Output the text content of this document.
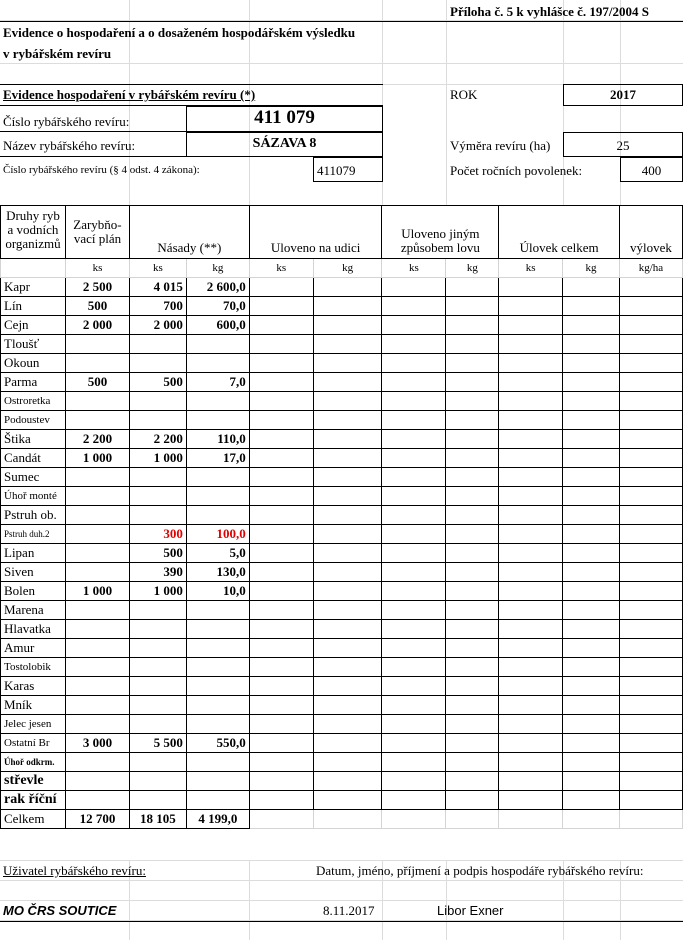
Příloha č. 5 k vyhlášce č. 197/2004 S
Evidence o hospodaření a o dosaženém hospodářském výsledku
v rybářském revíru
Evidence hospodaření v rybářském revíru (*)	ROK	2017
Číslo rybářského revíru:	411 079
Název rybářského revíru:	SÁZAVA 8	Výměra revíru (ha)	25
Číslo rybářského revíru (§ 4 odst. 4 zákona):	411079	Počet ročních povolenek:	400
Druhy ryb a vodních organizmů	Zarybňo-vací plán	Násady (**)		Uloveno na udici		Uloveno jiným způsobem lovu		Úlovek celkem		výlovek
	ks	ks	kg	ks	kg	ks	kg	ks	kg	kg/ha
Kapr	2 500	4 015	2 600,0							
Lín	500	700	70,0							
Cejn	2 000	2 000	600,0							
Tloušť										
Okoun										
Parma	500	500	7,0							
Ostroretka										
Podoustev										
Štika	2 200	2 200	110,0							
Candát	1 000	1 000	17,0							
Sumec										
Úhoř monté										
Pstruh ob.										
Pstruh duh.2		300	100,0							
Lipan		500	5,0							
Siven		390	130,0							
Bolen	1 000	1 000	10,0							
Marena										
Hlavatka										
Amur										
Tostolobik										
Karas										
Mník										
Jelec jesen										
Ostatní Br	3 000	5 500	550,0							
Úhoř odkrm.										
střevle										
rak říční										
Celkem	12 700	18 105	4 199,0							
Uživatel rybářského revíru:	Datum, jméno, příjmení a podpis hospodáře rybářského revíru:
MO ČRS SOUTICE	8.11.2017	Libor Exner
